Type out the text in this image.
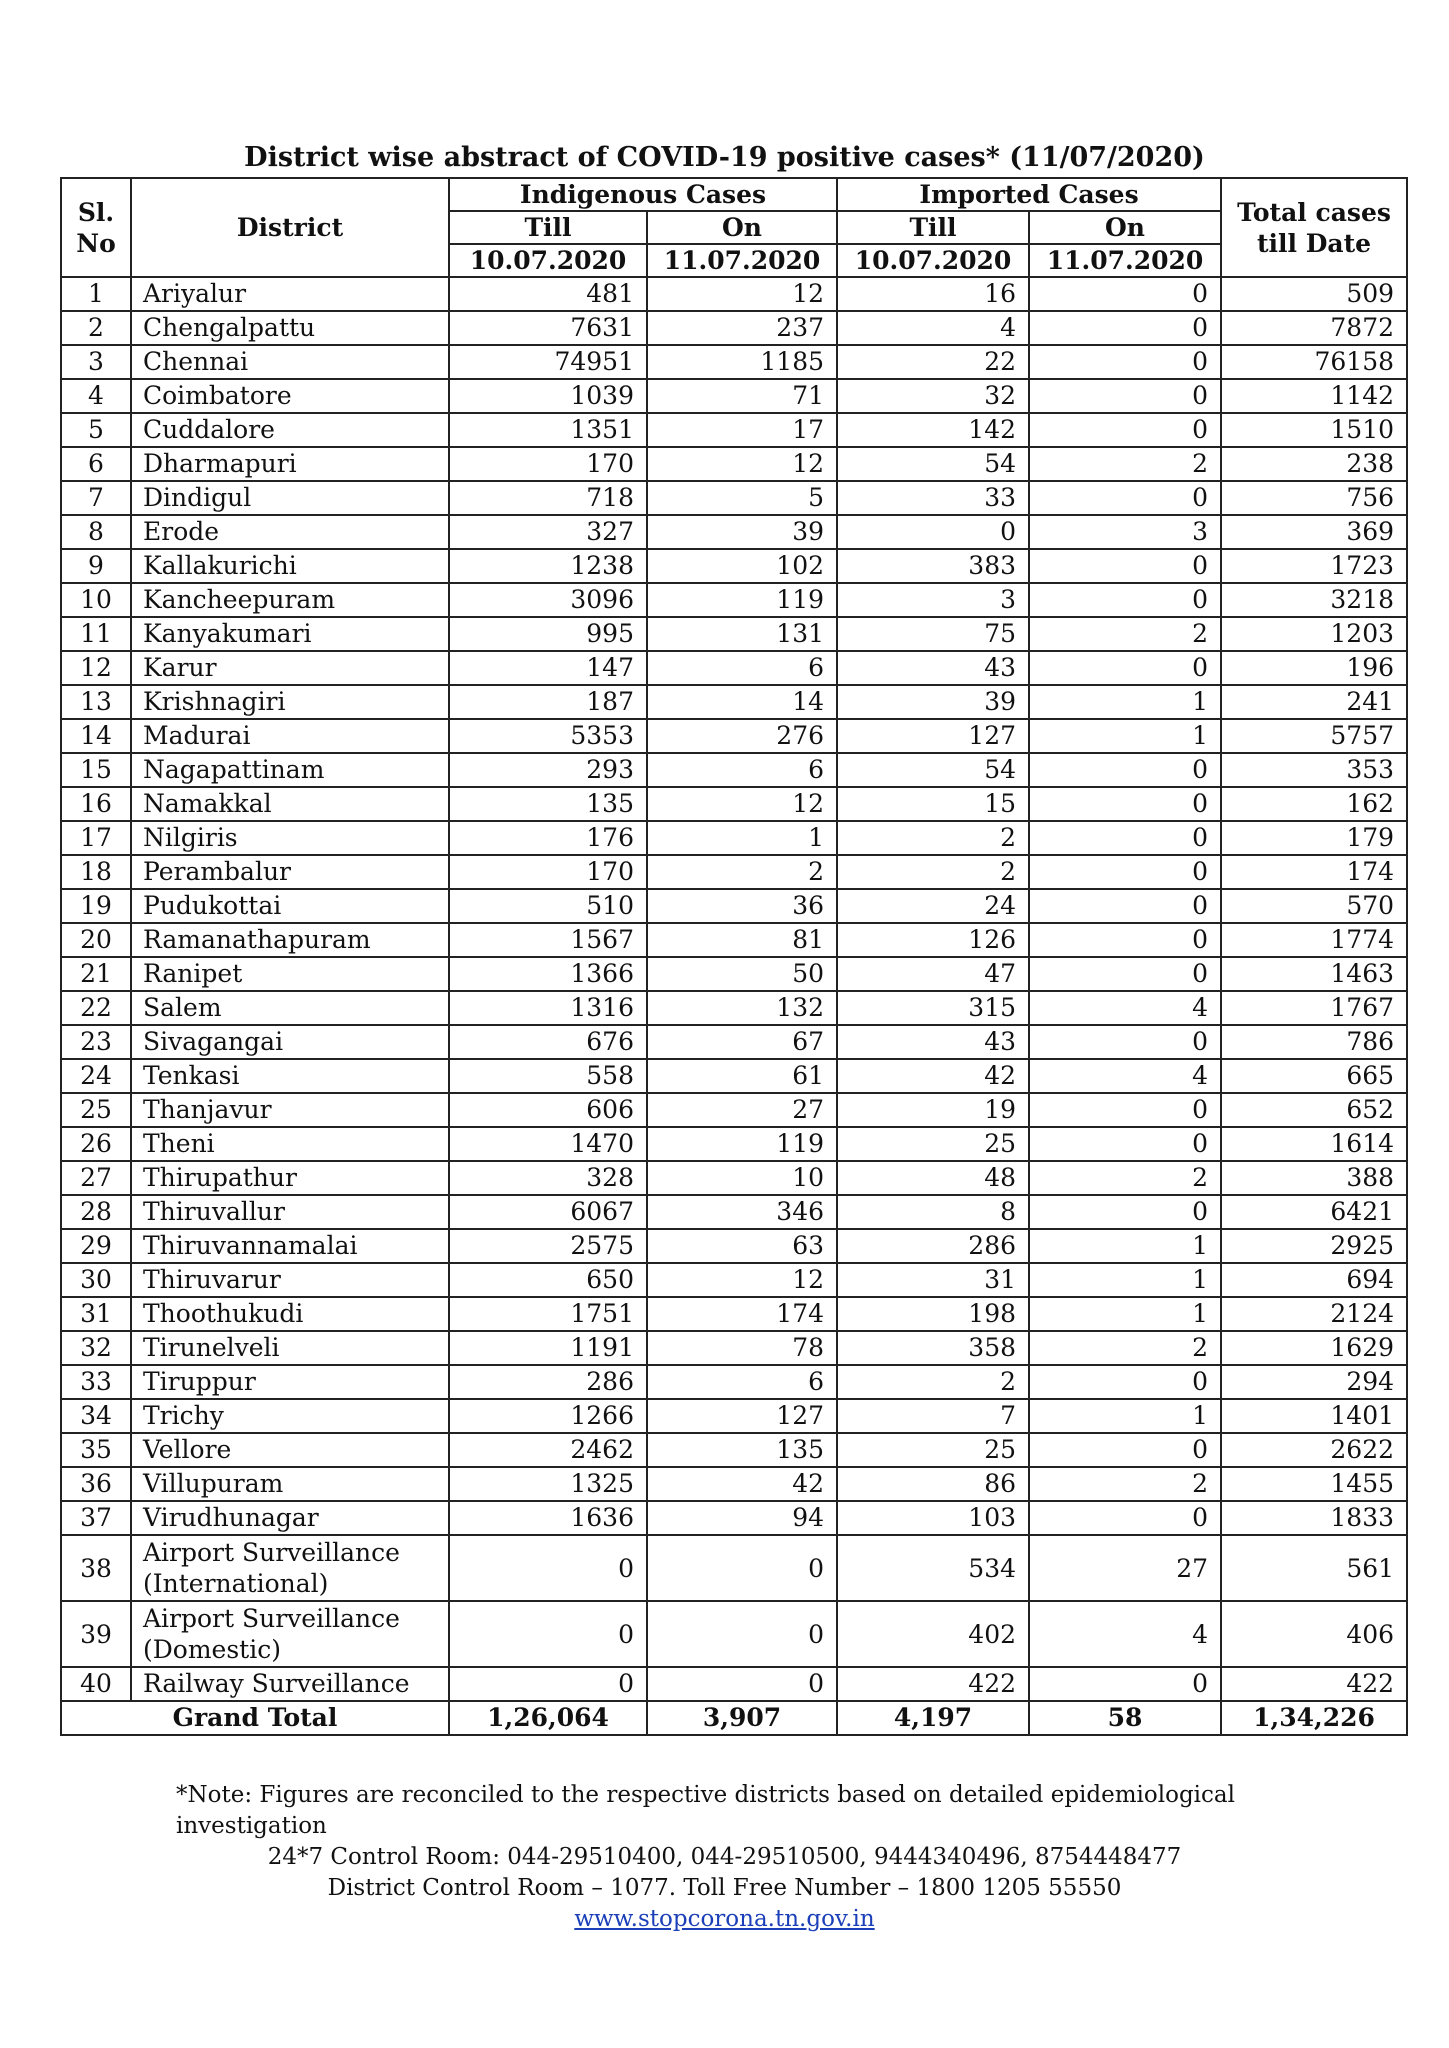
District wise abstract of COVID-19 positive cases* (11/07/2020)
Sl. No	District	Indigenous Cases		Imported Cases		Total cases till Date
		Till	On	Till	On	
		10.07.2020	11.07.2020	10.07.2020	11.07.2020	
1	Ariyalur	481	12	16	0	509
2	Chengalpattu	7631	237	4	0	7872
3	Chennai	74951	1185	22	0	76158
4	Coimbatore	1039	71	32	0	1142
5	Cuddalore	1351	17	142	0	1510
6	Dharmapuri	170	12	54	2	238
7	Dindigul	718	5	33	0	756
8	Erode	327	39	0	3	369
9	Kallakurichi	1238	102	383	0	1723
10	Kancheepuram	3096	119	3	0	3218
11	Kanyakumari	995	131	75	2	1203
12	Karur	147	6	43	0	196
13	Krishnagiri	187	14	39	1	241
14	Madurai	5353	276	127	1	5757
15	Nagapattinam	293	6	54	0	353
16	Namakkal	135	12	15	0	162
17	Nilgiris	176	1	2	0	179
18	Perambalur	170	2	2	0	174
19	Pudukottai	510	36	24	0	570
20	Ramanathapuram	1567	81	126	0	1774
21	Ranipet	1366	50	47	0	1463
22	Salem	1316	132	315	4	1767
23	Sivagangai	676	67	43	0	786
24	Tenkasi	558	61	42	4	665
25	Thanjavur	606	27	19	0	652
26	Theni	1470	119	25	0	1614
27	Thirupathur	328	10	48	2	388
28	Thiruvallur	6067	346	8	0	6421
29	Thiruvannamalai	2575	63	286	1	2925
30	Thiruvarur	650	12	31	1	694
31	Thoothukudi	1751	174	198	1	2124
32	Tirunelveli	1191	78	358	2	1629
33	Tiruppur	286	6	2	0	294
34	Trichy	1266	127	7	1	1401
35	Vellore	2462	135	25	0	2622
36	Villupuram	1325	42	86	2	1455
37	Virudhunagar	1636	94	103	0	1833
38	Airport Surveillance (International)	0	0	534	27	561
39	Airport Surveillance (Domestic)	0	0	402	4	406
40	Railway Surveillance	0	0	422	0	422
Grand Total		1,26,064	3,907	4,197	58	1,34,226
*Note: Figures are reconciled to the respective districts based on detailed epidemiological investigation
24*7 Control Room: 044-29510400, 044-29510500, 9444340496, 8754448477
District Control Room – 1077. Toll Free Number – 1800 1205 55550
www.stopcorona.tn.gov.in
